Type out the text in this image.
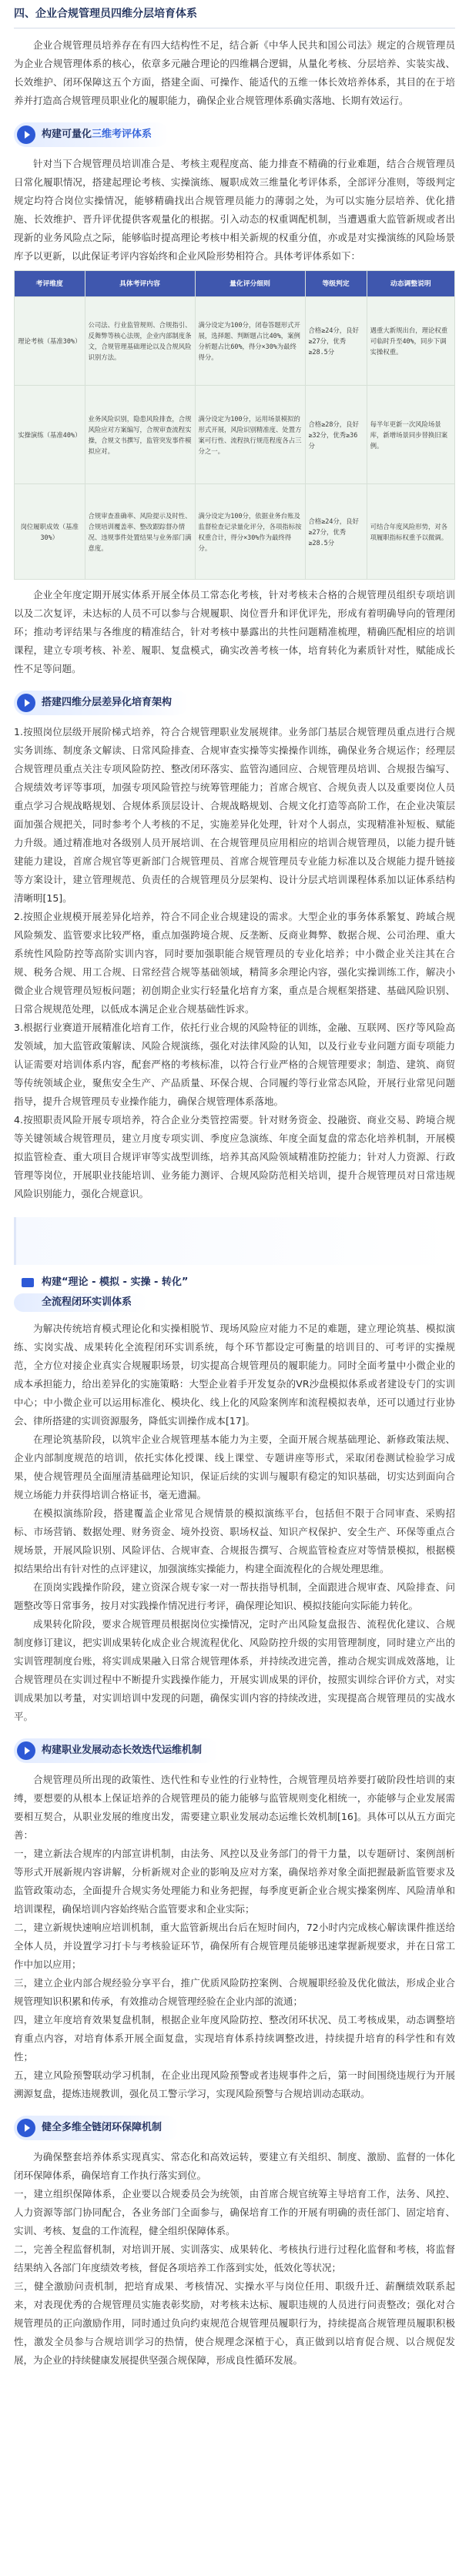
四、企业合规管理员四维分层培育体系

企业合规管理员培养存在有四大结构性不足，结合新《中华人民共和国公司法》规定的合规管理员为企业合规管理体系的核心，依章多元融合理论的四维耦合逻辑，从量化考核、分层培养、实装实战、长效维护、闭环保障这五个方面，搭建全面、可操作、能适代的五维一体长效培养体系，其目的在于培养并打造高合规管理员职业化的履职能力，确保企业合规管理体系确实落地、长期有效运行。

构建可量化 三维考评体系

针对当下合规管理员培训准合是、考核主观程度高、能力排查不精确的行业难题，结合合规管理员日常化履职情况，搭建起理论考核、实操演练、履职成效三维量化考评体系，全部评分准则，等级判定规定均符合岗位实操情况，能够精确找出合规管理员能力的薄弱之处，为可以实施分层培养、优化措施、长效维护、晋升评优提供客观量化的根据。引入动态的权重调配机制，当遭遇重大监管新规或者出现新的业务风险点之际，能够临时提高理论考核中相关新规的权重分值，亦或是对实操演练的风险场景库予以更新，以此保证考评内容始终和企业风险形势相符合。具体考评体系如下：

考评维度	具体考评内容	量化评分细则	等级判定	动态调整说明
理论考核（基准30%）	公司法、行业监管规则、合规指引、反舞弊等核心法规，企业内部制度条文，合规管理基础理论以及合规风险识别方法。	满分设定为100分，闭卷答题形式开展，选择题、判断题占比40%，案例分析题占比60%，得分×30%为最终得分。	合格≥24分，良好≥27分，优秀≥28.5分	遇重大新规出台，理论权重可临时升至40%，同步下调实操权重。
实操演练（基准40%）	业务风险识别，隐患风险排查，合规风险应对方案编写，合规审查流程实操，合规文书撰写，监管突发事件模拟应对。	满分设定为100分，运用场景模拟的形式开展，风险识别精准度、处置方案可行性、流程执行规范程度各占三分之一。	合格≥28分，良好≥32分，优秀≥36分	每半年更新一次风险场景库，新增场景同步替换旧案例。
岗位履职成效（基准30%）	合规审查准确率、风险提示及时性、合规培训覆盖率、整改跟踪督办情况、违规事件处置结果与业务部门满意度。	满分设定为100分，依据业务台账及监督检查记录量化评分，各项指标按权重合计，得分×30%作为最终得分。	合格≥24分，良好≥27分，优秀≥28.5分	可结合年度风险形势，对各项履职指标权重予以微调。

企业全年度定期开展实体系开展全体员工常态化考核，针对考核未合格的合规管理员组织专项培训以及二次复评，未达标的人员不可以参与合规履职、岗位晋升和评优评先，形成有着明确导向的管理闭环；推动考评结果与各维度的精准结合，针对考核中暴露出的共性问题精准梳理，精确匹配相应的培训课程，建立专项考核、补差、履职、复盘模式，确实改善考核一体，培育转化为素质针对性，赋能成长性不足等问题。

搭建四维分层差异化培育架构

1.按照岗位层级开展阶梯式培养，符合合规管理职业发展规律。业务部门基层合规管理员重点进行合规实务训练、制度条文解读、日常风险排查、合规审查实操等实操操作训练，确保业务合规运作；经理层合规管理员重点关注专项风险防控、整改闭环落实、监管沟通回应、合规管理员培训、合规报告编写、合规绩效考评等事项，加强专项风险管控与统筹管理能力；首席合规官、合规负责人以及重要岗位人员重点学习合规战略规划、合规体系顶层设计、合规战略规划、合规文化打造等高阶工作，在企业决策层面加强合规把关，同时参考个人考核的不足，实施差异化处理，针对个人弱点，实现精准补短板、赋能力升级。通过精准地对各级别人员开展培训、在合规管理员应用相应的培训合规管理员，以能力提升链建能力建设，首席合规官等更新部门合规管理员、首席合规管理员专业能力标准以及合规能力提升链接等方案设计，建立管理规范、负责任的合规管理员分层架构、设计分层式培训课程体系加以证体系结构清晰明[15]。

2.按照企业规模开展差异化培养，符合不同企业合规建设的需求。大型企业的事务体系繁复、跨域合规风险频发、监管要求比较严格，重点加强跨境合规、反垄断、反商业舞弊、数据合规、公司治理、重大系统性风险防控等高阶实训内容，同时要加强职能合规管理员的专业化培养；中小微企业关注其在合规、税务合规、用工合规、日常经营合规等基础领域，精简多余理论内容，强化实操训练工作，解决小微企业合规管理员短板问题；初创期企业实行轻量化培育方案，重点是合规框架搭建、基础风险识别、日常合规规范处理，以低成本满足企业合规基础性诉求。

3.根据行业赛道开展精准化培育工作，依托行业合规的风险特征的训练，金融、互联网、医疗等风险高发领域，加大监管政策解读、风险合规演练，强化对法律风险的认知，以及行业专业问题方面专项能力认证需要对培训体系内容，配套严格的考核标准，以符合行业严格的合规管理要求；制造、建筑、商贸等传统领域企业，聚焦安全生产、产品质量、环保合规、合同履约等行业常态风险，开展行业常见问题指导，提升合规管理员专业操作能力，确保合规管理体系落地。

4.按照职责风险开展专项培养，符合企业分类管控需要。针对财务资金、投融资、商业交易、跨境合规等关键领域合规管理员，建立月度专项实训、季度应急演练、年度全面复盘的常态化培养机制，开展模拟监管检查、重大项目合规评审等实战型训练，培养其高风险领域精准防控能力；针对人力资源、行政管理等岗位，开展职业技能培训、业务能力测评、合规风险防范相关培训，提升合规管理员对日常违规风险识别能力，强化合规意识。

构建“理论 - 模拟 - 实操 - 转化”
全流程闭环实训体系

为解决传统培育模式理论化和实操相脱节、现场风险应对能力不足的难题，建立理论筑基、模拟演练、实岗实战、成果转化全流程闭环实训系统，每个环节都设定可衡量的培训目的、可考评的实操规范，全方位对接企业真实合规履职场景，切实提高合规管理员的履职能力。同时全面考量中小微企业的成本承担能力，给出差异化的实施策略：大型企业着手开发复杂的VR沙盘模拟体系或者建设专门的实训中心；中小微企业可以运用标准化、模块化、线上化的风险案例库和流程模拟表单，还可以通过行业协会、律所搭建的实训资源服务，降低实训操作成本[17]。

在理论筑基阶段，以筑牢企业合规管理基本能力为主要，全面开展合规基础理论、新修政策法规、企业内部制度规范的培训，依托实体化授课、线上课堂、专题讲座等形式，采取闭卷测试检验学习成果，使合规管理员全面厘清基础理论知识，保证后续的实训与履职有稳定的知识基础，切实达到面向合规立场能力并获得培训合格证书，毫无遗漏。

在模拟演练阶段，搭建覆盖企业常见合规情景的模拟演练平台，包括但不限于合同审查、采购招标、市场营销、数据处理、财务资金、境外投资、职场权益、知识产权保护、安全生产、环保等重点合规场景，开展风险识别、风险评估、合规审查、合规报告撰写、合规监管检查应对等情景模拟，根据模拟结果给出有针对性的点评建议，加强演练实操能力，构建全面流程化的合规处理思维。

在顶岗实践操作阶段，建立资深合规专家一对一帮扶指导机制，全面跟进合规审查、风险排查、问题整改等日常事务，按月对实践操作情况进行考评，确保理论知识、模拟技能向实际能力转化。

成果转化阶段，要求合规管理员根据岗位实操情况，定时产出风险复盘报告、流程优化建议、合规制度修订建议，把实训成果转化成企业合规流程优化、风险防控升级的实用管理制度，同时建立产出的实训管理制度台账，将实训成果融入日常合规管理体系，并持续改进完善，推动合规实训成效落地，让合规管理员在实训过程中不断提升实践操作能力，开展实训成果的评价，按照实训综合评价方式，对实训成果加以考量，对实训培训中发现的问题，确保实训内容的持续改进，实现提高合规管理员的实战水平。

构建职业发展动态长效迭代运维机制

合规管理员所出现的政策性、迭代性和专业性的行业特性，合规管理员培养要打破阶段性培训的束缚，要想要的从根本上保证培养的合规管理员的能力能够与监管规则变化相统一，亦能够与企业发展需要相互契合，从职业发展的维度出发，需要建立职业发展动态运维长效机制[16]。具体可以从五方面完善：

一，建立新法合规库的内部宣讲机制，由法务、风控以及业务部门的骨干力量，以专题研讨、案例剖析等形式开展新规内容讲解，分析新规对企业的影响及应对方案，确保培养对象全面把握最新监管要求及监管政策动态，全面提升合规实务处理能力和业务把握，每季度更新企业合规实操案例库、风险清单和培训课程，确保培训内容始终贴合监管要求和企业实际；

二，建立新规快速响应培训机制，重大监管新规出台后在短时间内，72小时内完成核心解读课件推送给全体人员，并设置学习打卡与考核验证环节，确保所有合规管理员能够迅速掌握新规要求，并在日常工作中加以应用；

三，建立企业内部合规经验分享平台，推广优质风险防控案例、合规履职经验及优化做法，形成企业合规管理知识积累和传承，有效推动合规管理经验在企业内部的流通；

四，建立年度培育效果复盘机制，根据企业年度风险防控、整改闭环状况、员工考核成果，动态调整培育重点内容，对培育体系开展全面复盘，实现培育体系持续调整改进，持续提升培育的科学性和有效性；

五，建立风险预警联动学习机制，在企业出现风险预警或者违规事件之后，第一时间围绕违规行为开展溯源复盘，提炼违规教训，强化员工警示学习，实现风险预警与合规培训动态联动。

健全多维全链闭环保障机制

为确保整套培养体系实现真实、常态化和高效运转，要建立有关组织、制度、激励、监督的一体化闭环保障体系，确保培育工作执行落实到位。

一，建立组织保障体系，企业要以合规委员会为统领，由首席合规官统筹主导培育工作，法务、风控、人力资源等部门协同配合，各业务部门全面参与，确保培育工作的开展有明确的责任部门、固定培育、实训、考核、复盘的工作流程，健全组织保障体系。

二，完善全程监督机制，对培训开展、实训落实、成果转化、考核执行进行过程化监督和考核，将监督结果纳入各部门年度绩效考核，督促各项培养工作落到实处，低效化等状况；

三，健全激励问责机制，把培育成果、考核情况、实操水平与岗位任用、职级升迁、薪酬绩效联系起来，对表现优秀的合规管理员实施表彰奖励，对考核未达标、履职违规的人员进行问责整改；强化对合规管理员的正向激励作用，同时通过负向约束规范合规管理员履职行为，持续提高合规管理员履职积极性，激发全员参与合规培训学习的热情，使合规理念深植于心，真正做到以培育促合规、以合规促发展，为企业的持续健康发展提供坚强合规保障，形成良性循环发展。
